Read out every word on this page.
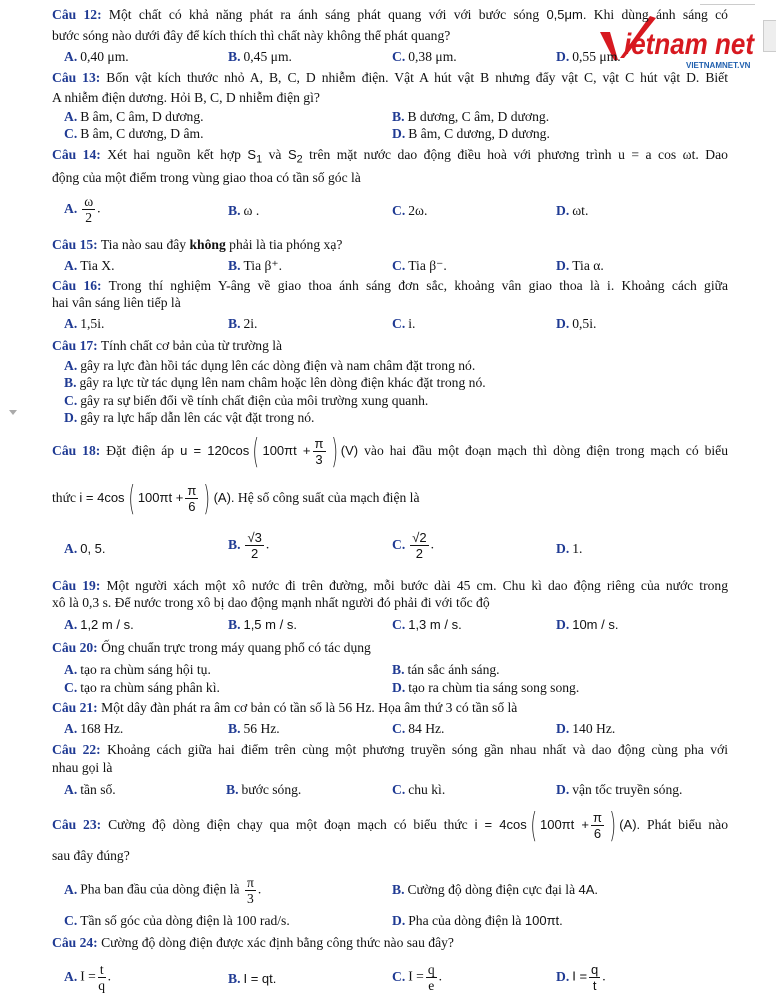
ietnam net
VIETNAMNET.VN
Câu 12: Một chất có khả năng phát ra ánh sáng phát quang với với bước sóng 0,5μm. Khi dùng ánh sáng có
bước sóng nào dưới đây để kích thích thì chất này không thể phát quang?
A. 0,40 μm.	B. 0,45 μm.	C. 0,38 μm.	D. 0,55 μm.
Câu 13: Bốn vật kích thước nhỏ A, B, C, D nhiễm điện. Vật A hút vật B nhưng đẩy vật C, vật C hút vật D. Biết
A nhiễm điện dương. Hỏi B, C, D nhiễm điện gì?
A. B âm, C âm, D dương.	B. B dương, C âm, D dương.
C. B âm, C dương, D âm.	D. B âm, C dương, D dương.
Câu 14: Xét hai nguồn kết hợp $S_1$ và $S_2$ trên mặt nước dao động điều hoà với phương trình u = a cos ωt. Dao
động của một điểm trong vùng giao thoa có tần số góc là
A. $\frac{\omega}{2}$ .	B. ω .	C. 2ω.	D. ωt.
Câu 15: Tia nào sau đây không phải là tia phóng xạ?
A. Tia X.	B. Tia β⁺.	C. Tia β⁻.	D. Tia α.
Câu 16: Trong thí nghiệm Y-âng về giao thoa ánh sáng đơn sắc, khoảng vân giao thoa là i. Khoảng cách giữa
hai vân sáng liên tiếp là
A. 1,5i.	B. 2i.	C. i.	D. 0,5i.
Câu 17: Tính chất cơ bản của từ trường là
A. gây ra lực đàn hồi tác dụng lên các dòng điện và nam châm đặt trong nó.
B. gây ra lực từ tác dụng lên nam châm hoặc lên dòng điện khác đặt trong nó.
C. gây ra sự biến đổi về tính chất điện của môi trường xung quanh.
D. gây ra lực hấp dẫn lên các vật đặt trong nó.
Câu 18: Đặt điện áp u = 120cos( $100\pi t + \frac{\pi}{3}$ ) (V) vào hai đầu một đoạn mạch thì dòng điện trong mạch có biểu
thức i = 4cos( $100\pi t + \frac{\pi}{6}$ ) (A). Hệ số công suất của mạch điện là
A. 0, 5.	B. $\frac{√3}{2}$ .	C. $\frac{√2}{2}$ .	D. 1.
Câu 19: Một người xách một xô nước đi trên đường, mỗi bước dài 45 cm. Chu kì dao động riêng của nước trong
xô là 0,3 s. Để nước trong xô bị dao động mạnh nhất người đó phải đi với tốc độ
A. 1,2 m / s.	B. 1,5 m / s.	C. 1,3 m / s.	D. 10m / s.
Câu 20: Ống chuẩn trực trong máy quang phổ có tác dụng
A. tạo ra chùm sáng hội tụ.	B. tán sắc ánh sáng.
C. tạo ra chùm sáng phân kì.	D. tạo ra chùm tia sáng song song.
Câu 21: Một dây đàn phát ra âm cơ bản có tần số là 56 Hz. Họa âm thứ 3 có tần số là
A. 168 Hz.	B. 56 Hz.	C. 84 Hz.	D. 140 Hz.
Câu 22: Khoảng cách giữa hai điểm trên cùng một phương truyền sóng gần nhau nhất và dao động cùng pha với
nhau gọi là
A. tần số.	B. bước sóng.	C. chu kì.	D. vận tốc truyền sóng.
Câu 23: Cường độ dòng điện chạy qua một đoạn mạch có biểu thức i = 4cos( $100\pi t + \frac{\pi}{6}$ ) (A). Phát biểu nào
sau đây đúng?
A. Pha ban đầu của dòng điện là $\frac{\pi}{3}$ .	B. Cường độ dòng điện cực đại là 4A.
C. Tần số góc của dòng điện là 100 rad/s.	D. Pha của dòng điện là 100πt.
Câu 24: Cường độ dòng điện được xác định bằng công thức nào sau đây?
A. $I = \frac{t}{q}$ .	B. I = qt.	C. $I = \frac{q}{e}$ .	D. $I = \frac{q}{t}$ .
